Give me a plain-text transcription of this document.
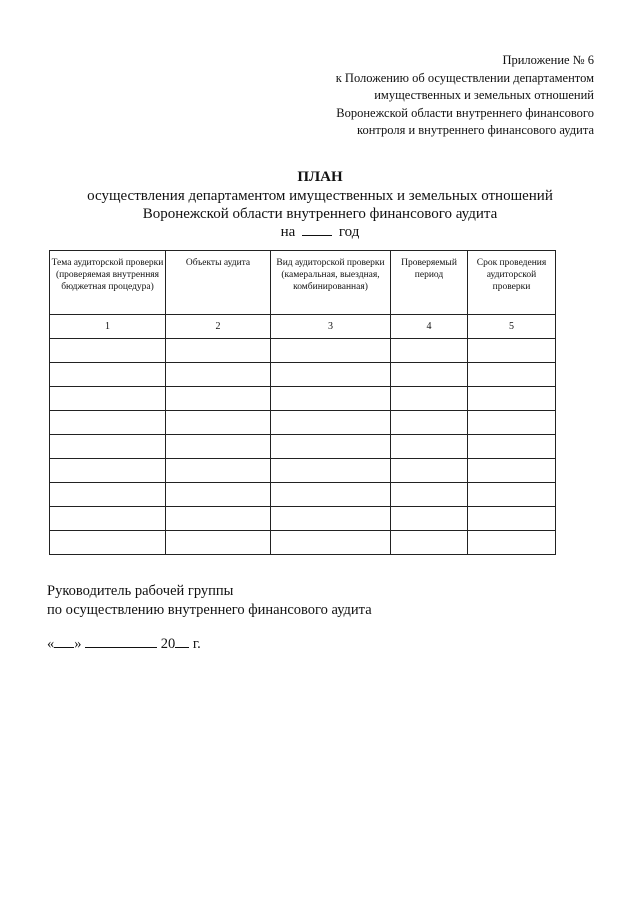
Приложение № 6
к Положению об осуществлении департаментом
имущественных и земельных отношений
Воронежской области внутреннего финансового
контроля и внутреннего финансового аудита
ПЛАН
осуществления департаментом имущественных и земельных отношений
Воронежской области внутреннего финансового аудита
на	год
Тема аудиторской проверки (проверяемая внутренняя бюджетная процедура)	Объекты аудита	Вид аудиторской проверки (камеральная, выездная, комбинированная)	Проверяемый период	Срок проведения аудиторской проверки
1	2	3	4	5

Руководитель рабочей группы
по осуществлению внутреннего финансового аудита
« »	20 г.
